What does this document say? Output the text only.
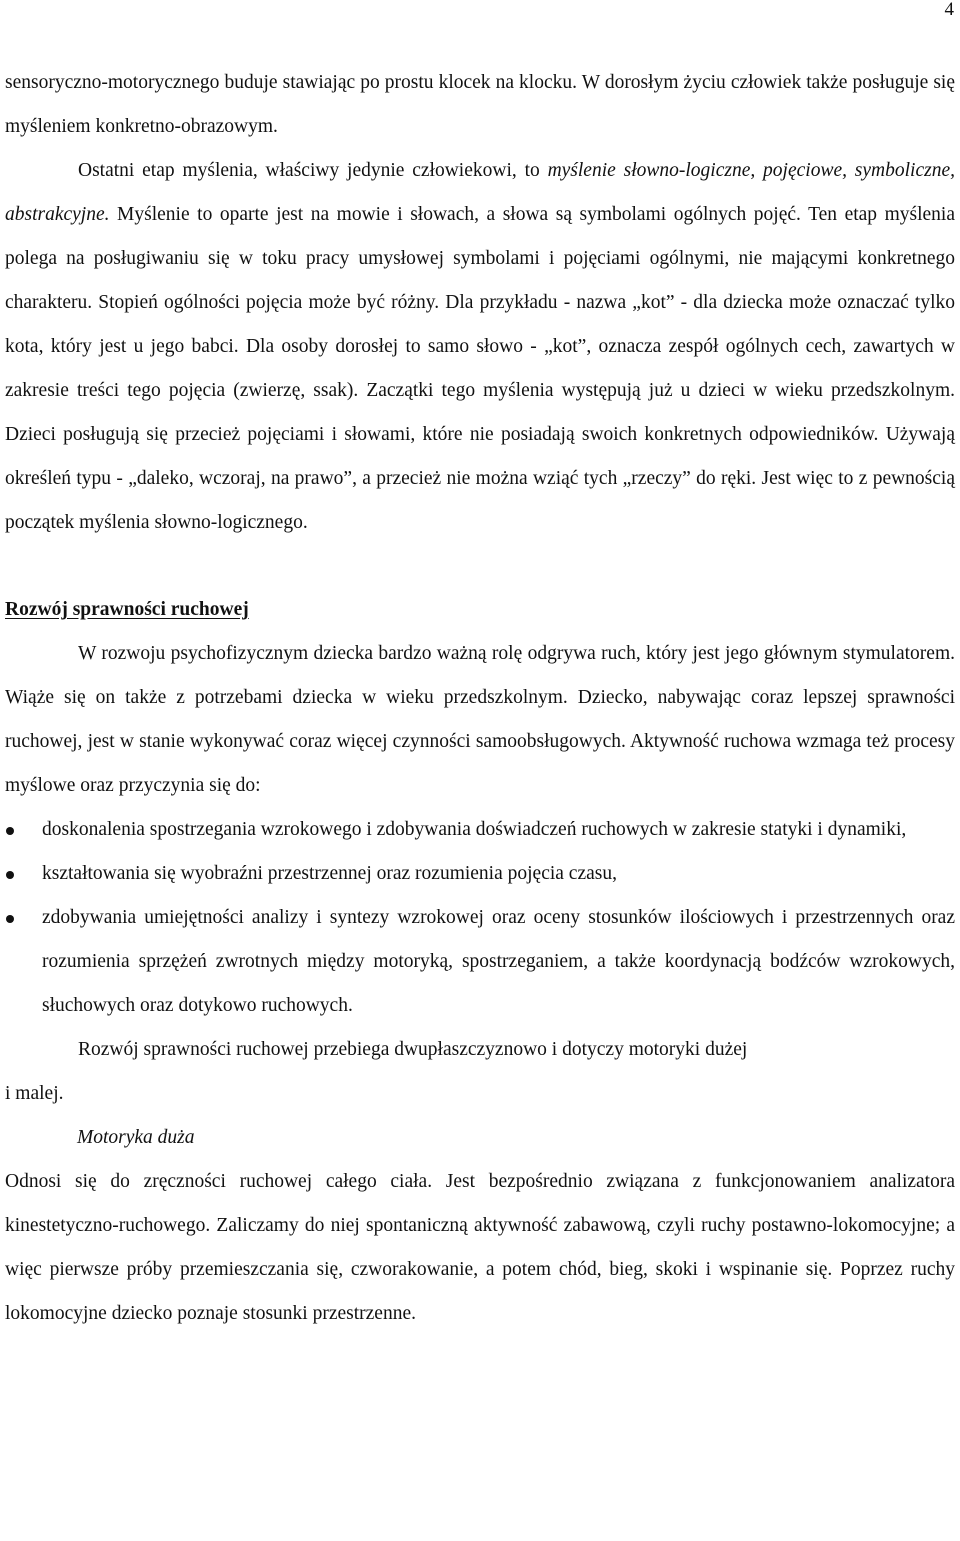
4

sensoryczno-motorycznego buduje stawiając po prostu klocek na klocku. W dorosłym życiu człowiek także posługuje się myśleniem konkretno-obrazowym.

Ostatni etap myślenia, właściwy jedynie człowiekowi, to myślenie słowno-logiczne, pojęciowe, symboliczne, abstrakcyjne. Myślenie to oparte jest na mowie i słowach, a słowa są symbolami ogólnych pojęć. Ten etap myślenia polega na posługiwaniu się w toku pracy umysłowej symbolami i pojęciami ogólnymi, nie mającymi konkretnego charakteru. Stopień ogólności pojęcia może być różny. Dla przykładu - nazwa „kot” - dla dziecka może oznaczać tylko kota, który jest u jego babci. Dla osoby dorosłej to samo słowo - „kot”, oznacza zespół ogólnych cech, zawartych w zakresie treści tego pojęcia (zwierzę, ssak). Zaczątki tego myślenia występują już u dzieci w wieku przedszkolnym. Dzieci posługują się przecież pojęciami i słowami, które nie posiadają swoich konkretnych odpowiedników. Używają określeń typu - „daleko, wczoraj, na prawo”, a przecież nie można wziąć tych „rzeczy” do ręki. Jest więc to z pewnością początek myślenia słowno-logicznego.

Rozwój sprawności ruchowej

W rozwoju psychofizycznym dziecka bardzo ważną rolę odgrywa ruch, który jest jego głównym stymulatorem. Wiąże się on także z potrzebami dziecka w wieku przedszkolnym. Dziecko, nabywając coraz lepszej sprawności ruchowej, jest w stanie wykonywać coraz więcej czynności samoobsługowych. Aktywność ruchowa wzmaga też procesy myślowe oraz przyczynia się do:

doskonalenia spostrzegania wzrokowego i zdobywania doświadczeń ruchowych w zakresie statyki i dynamiki,
kształtowania się wyobraźni przestrzennej oraz rozumienia pojęcia czasu,
zdobywania umiejętności analizy i syntezy wzrokowej oraz oceny stosunków ilościowych i przestrzennych oraz rozumienia sprzężeń zwrotnych między motoryką, spostrzeganiem, a także koordynacją bodźców wzrokowych, słuchowych oraz dotykowo ruchowych.

Rozwój sprawności ruchowej przebiega dwupłaszczyznowo i dotyczy motoryki dużej
i malej.

Motoryka duża

Odnosi się do zręczności ruchowej całego ciała. Jest bezpośrednio związana z funkcjonowaniem analizatora kinestetyczno-ruchowego. Zaliczamy do niej spontaniczną aktywność zabawową, czyli ruchy postawno-lokomocyjne; a więc pierwsze próby przemieszczania się, czworakowanie, a potem chód, bieg, skoki i wspinanie się. Poprzez ruchy lokomocyjne dziecko poznaje stosunki przestrzenne.
